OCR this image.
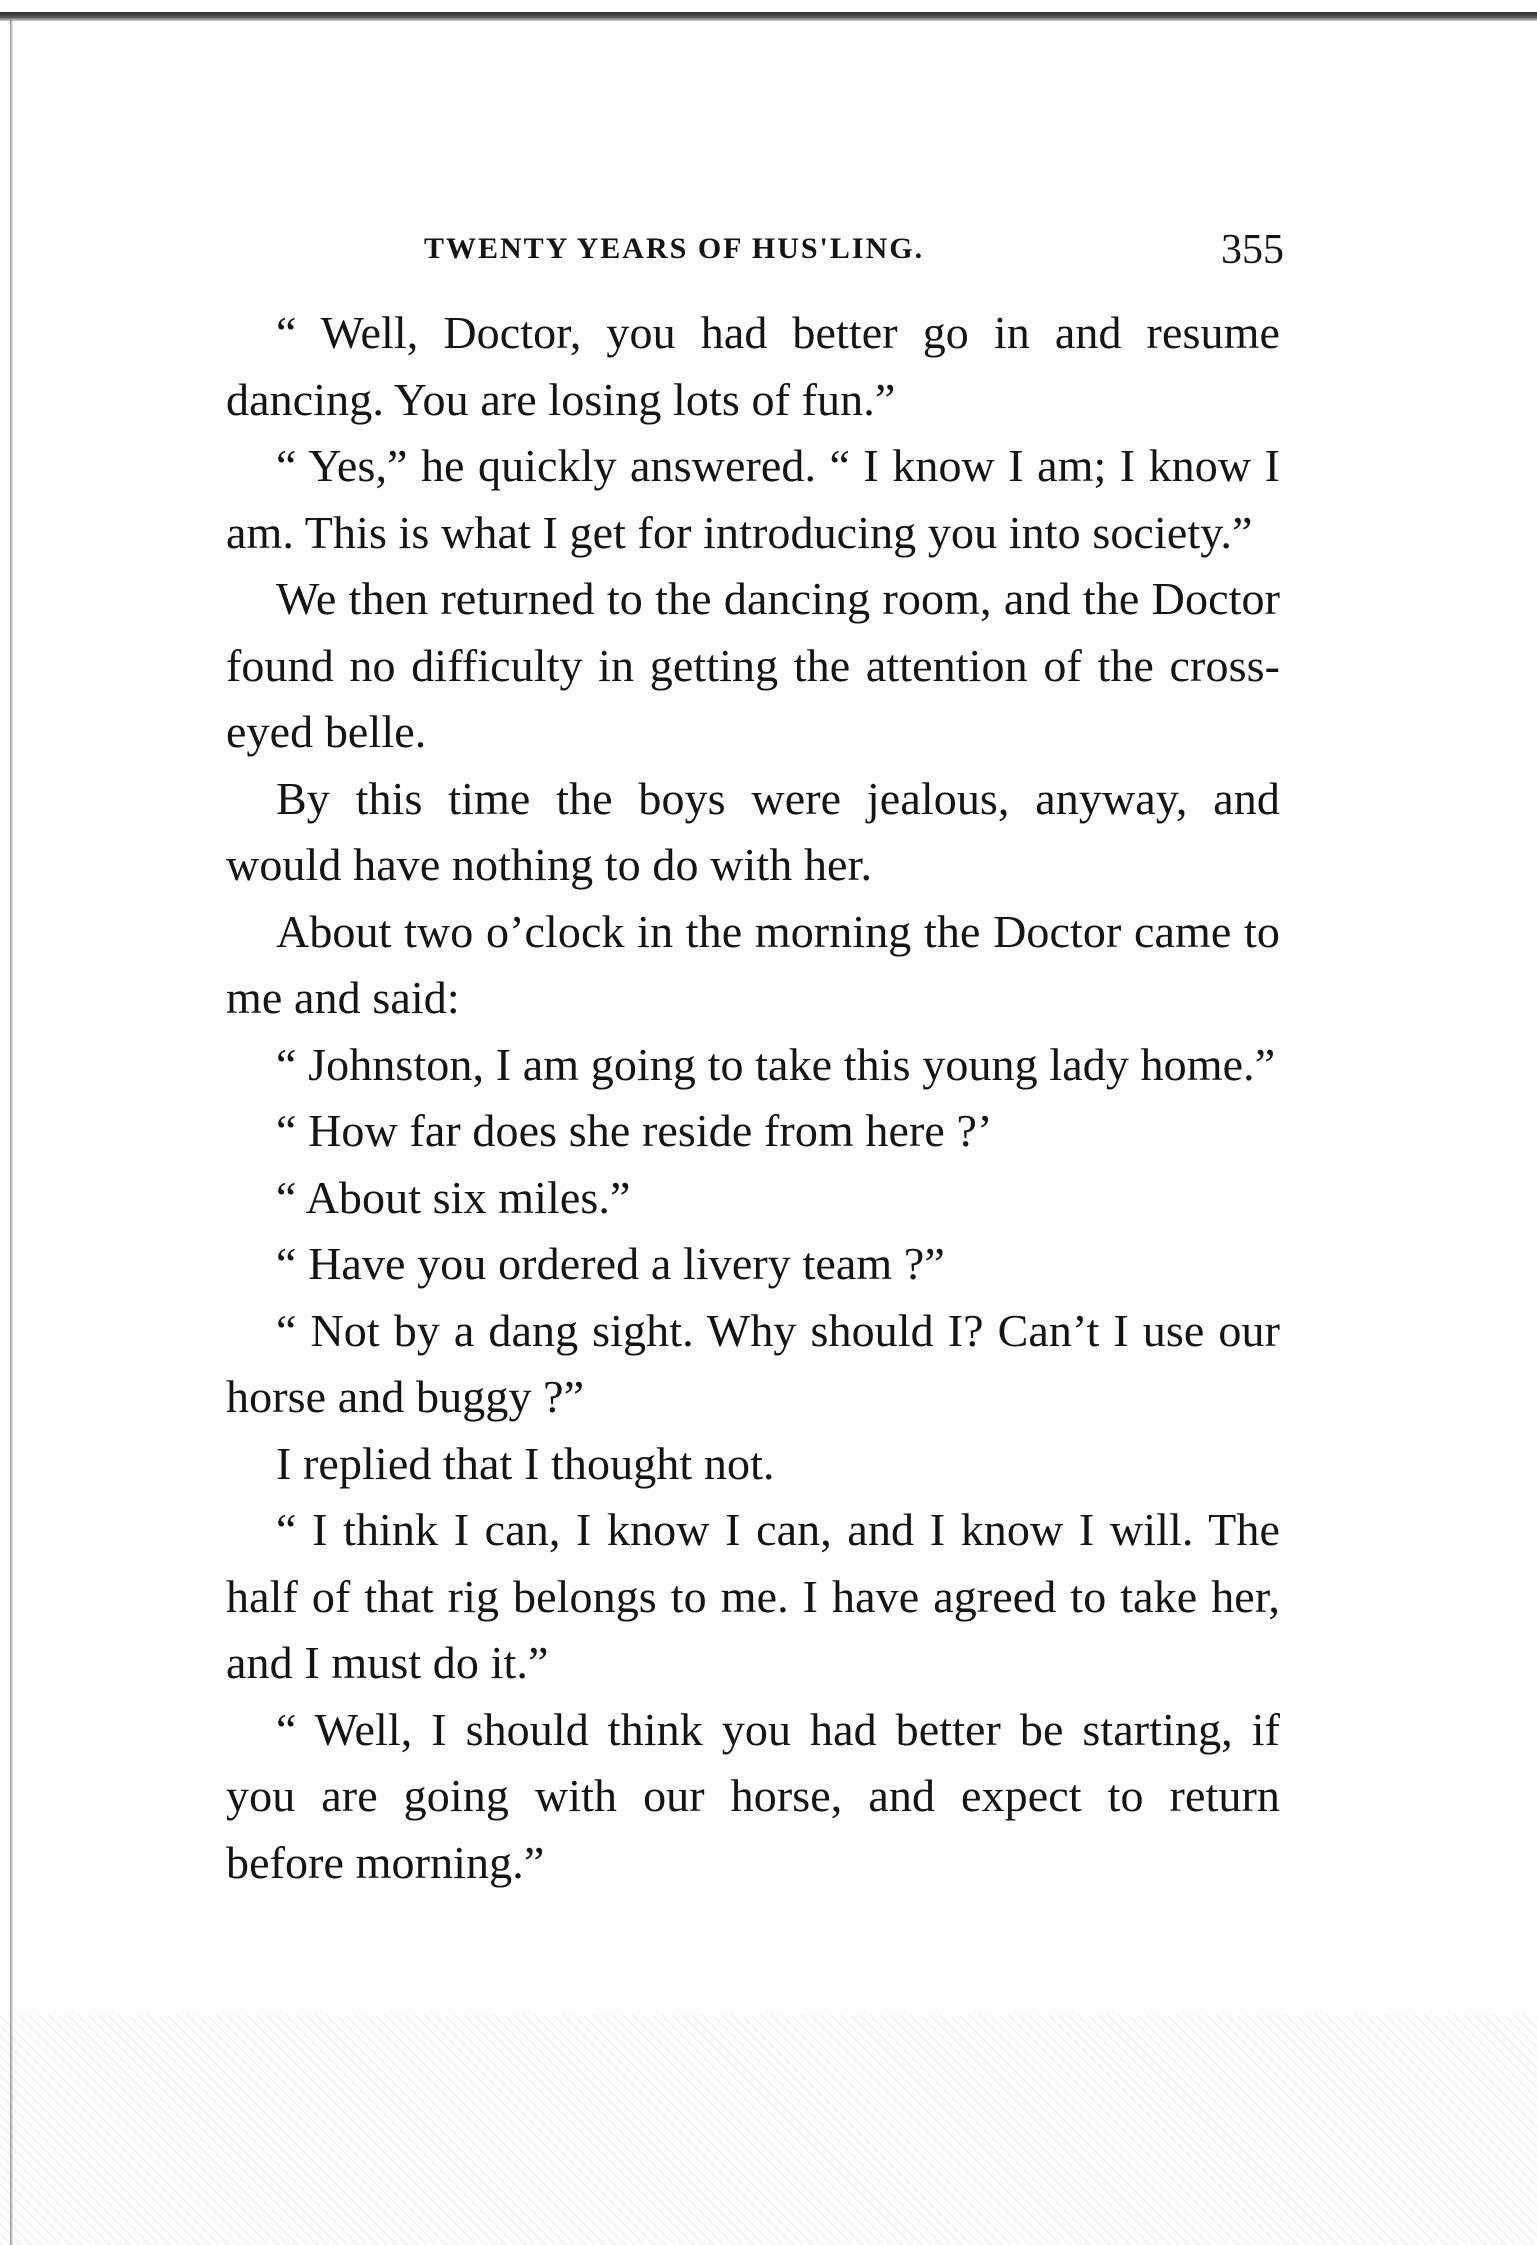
TWENTY YEARS OF HUS'LING.	355

“ Well, Doctor, you had better go in and resume dancing. You are losing lots of fun.”

“ Yes,” he quickly answered. “ I know I am; I know I am. This is what I get for introducing you into society.”

We then returned to the dancing room, and the Doctor found no difficulty in getting the attention of the cross-eyed belle.

By this time the boys were jealous, anyway, and would have nothing to do with her.

About two o’clock in the morning the Doctor came to me and said:

“ Johnston, I am going to take this young lady home.”

“ How far does she reside from here ?’

“ About six miles.”

“ Have you ordered a livery team ?”

“ Not by a dang sight. Why should I? Can’t I use our horse and buggy ?”

I replied that I thought not.

“ I think I can, I know I can, and I know I will. The half of that rig belongs to me. I have agreed to take her, and I must do it.”

“ Well, I should think you had better be starting, if you are going with our horse, and expect to return before morning.”
